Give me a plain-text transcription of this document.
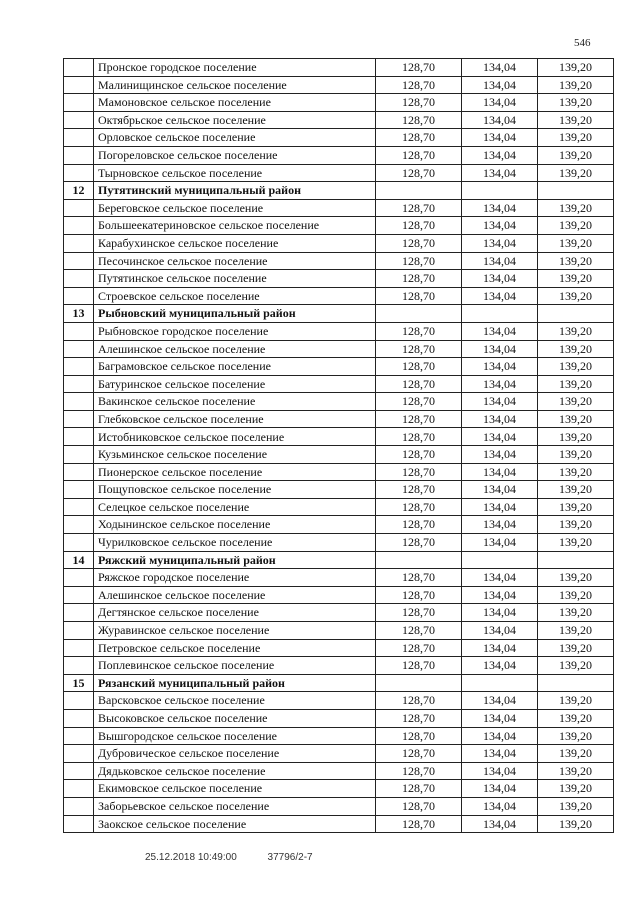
546
	Пронское городское поселение	128,70	134,04	139,20
	Малинищинское сельское поселение	128,70	134,04	139,20
	Мамоновское сельское поселение	128,70	134,04	139,20
	Октябрьское сельское поселение	128,70	134,04	139,20
	Орловское сельское поселение	128,70	134,04	139,20
	Погореловское сельское поселение	128,70	134,04	139,20
	Тырновское сельское поселение	128,70	134,04	139,20
12	Путятинский муниципальный район			
	Береговское сельское поселение	128,70	134,04	139,20
	Большеекатериновское сельское поселение	128,70	134,04	139,20
	Карабухинское сельское поселение	128,70	134,04	139,20
	Песочинское сельское поселение	128,70	134,04	139,20
	Путятинское сельское поселение	128,70	134,04	139,20
	Строевское сельское поселение	128,70	134,04	139,20
13	Рыбновский муниципальный район			
	Рыбновское городское поселение	128,70	134,04	139,20
	Алешинское сельское поселение	128,70	134,04	139,20
	Баграмовское сельское поселение	128,70	134,04	139,20
	Батуринское сельское поселение	128,70	134,04	139,20
	Вакинское сельское поселение	128,70	134,04	139,20
	Глебковское сельское поселение	128,70	134,04	139,20
	Истобниковское сельское поселение	128,70	134,04	139,20
	Кузьминское сельское поселение	128,70	134,04	139,20
	Пионерское сельское поселение	128,70	134,04	139,20
	Пощуповское сельское поселение	128,70	134,04	139,20
	Селецкое сельское поселение	128,70	134,04	139,20
	Ходынинское сельское поселение	128,70	134,04	139,20
	Чурилковское сельское поселение	128,70	134,04	139,20
14	Ряжский муниципальный район			
	Ряжское городское поселение	128,70	134,04	139,20
	Алешинское сельское поселение	128,70	134,04	139,20
	Дегтянское сельское поселение	128,70	134,04	139,20
	Журавинское сельское поселение	128,70	134,04	139,20
	Петровское сельское поселение	128,70	134,04	139,20
	Поплевинское сельское поселение	128,70	134,04	139,20
15	Рязанский муниципальный район			
	Варсковское сельское поселение	128,70	134,04	139,20
	Высоковское сельское поселение	128,70	134,04	139,20
	Вышгородское сельское поселение	128,70	134,04	139,20
	Дубровическое сельское поселение	128,70	134,04	139,20
	Дядьковское сельское поселение	128,70	134,04	139,20
	Екимовское сельское поселение	128,70	134,04	139,20
	Заборьевское сельское поселение	128,70	134,04	139,20
	Заокское сельское поселение	128,70	134,04	139,20
25.12.2018 10:49:00	37796/2-7
